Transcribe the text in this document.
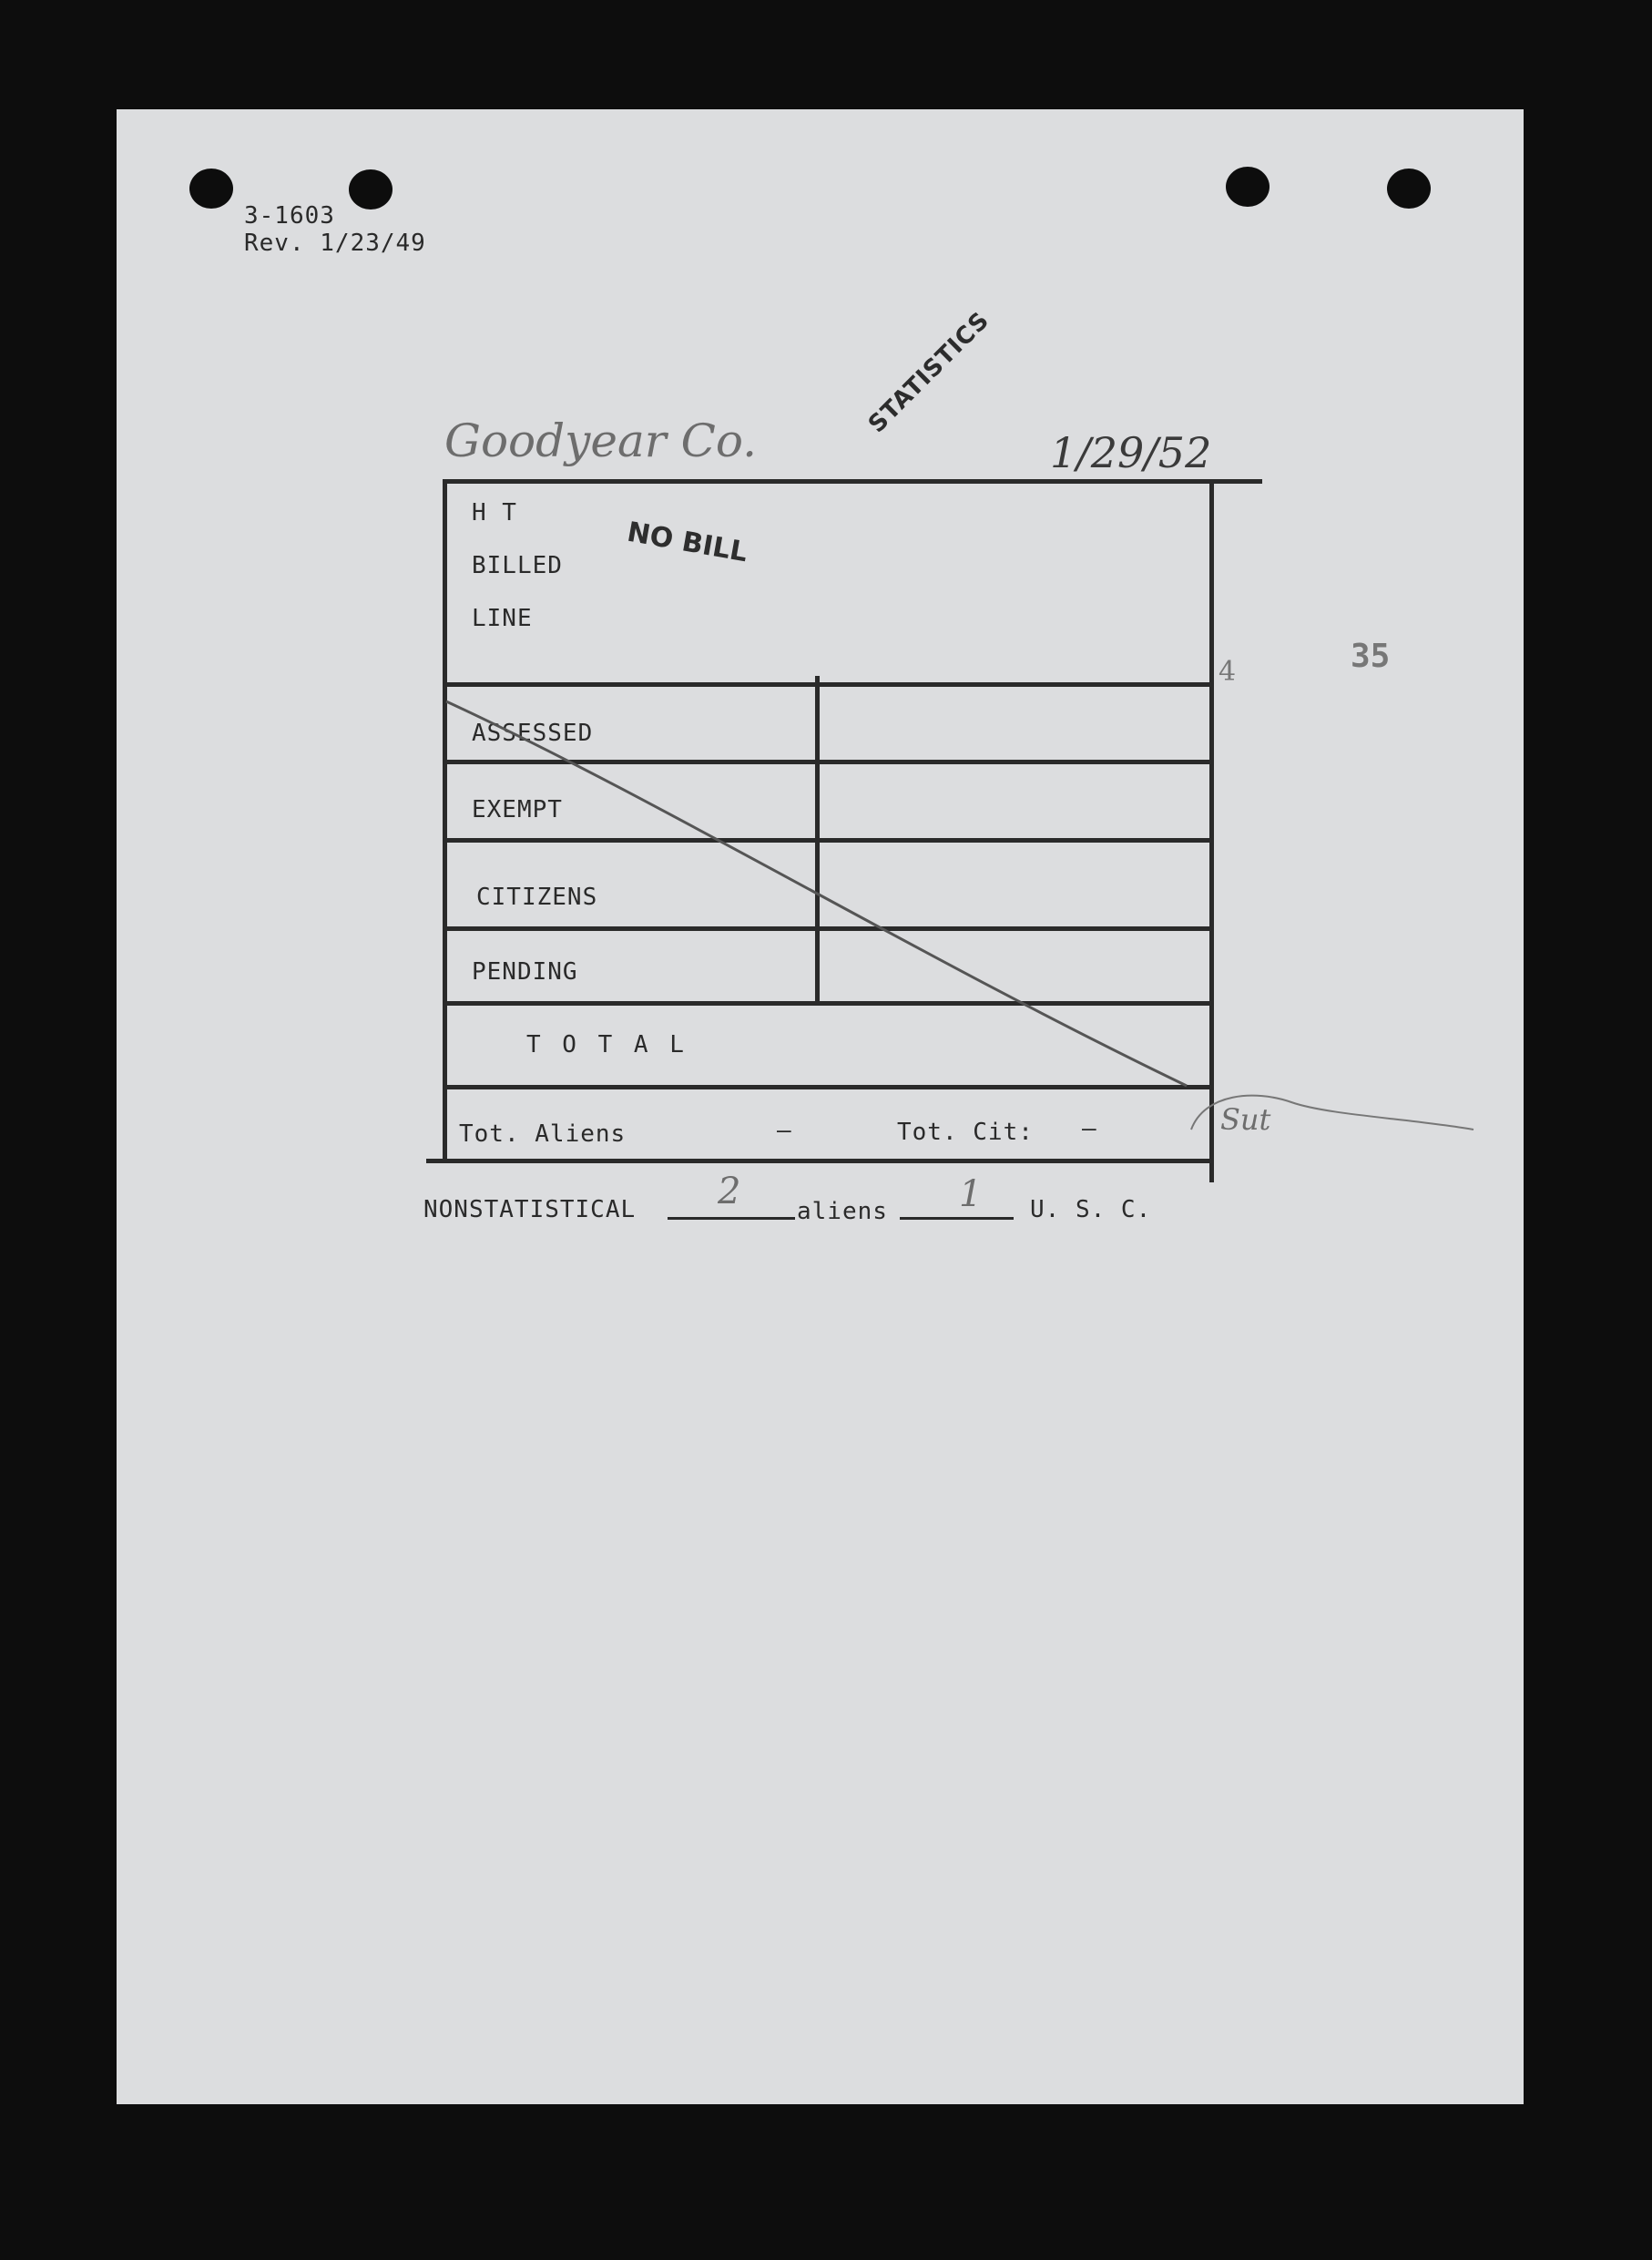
3-1603
Rev. 1/23/49
STATISTICS
Goodyear Co.	1/29/52
H T
BILLED
LINE
NO BILL
ASSESSED
EXEMPT
CITIZENS
PENDING
T O T A L
Tot. Aliens	—	Tot. Cit: —
4	35
Sut
NONSTATISTICAL 2 aliens 1 U. S. C.
